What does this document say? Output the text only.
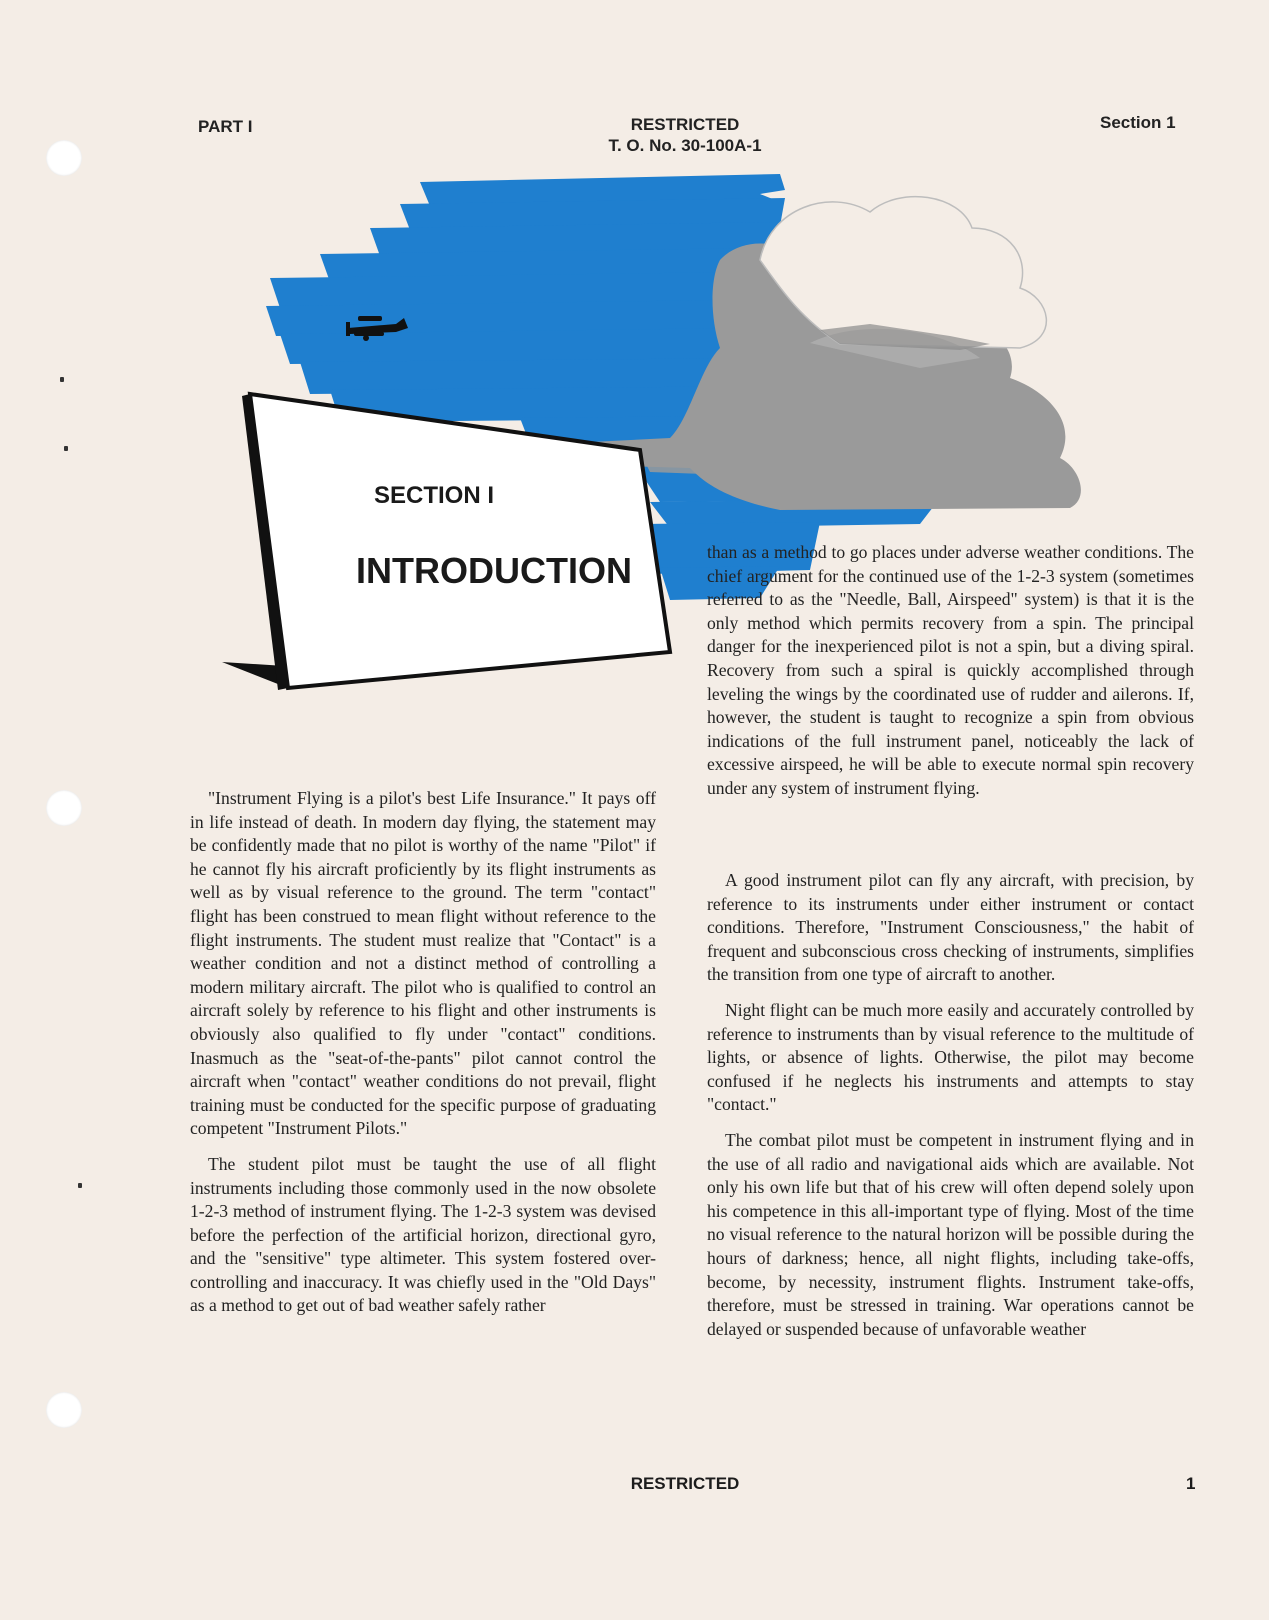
PART I	RESTRICTED
T. O. No. 30-100A-1
Section 1
SECTION I
INTRODUCTION	than as a method to go places under adverse weather conditions. The chief argument for the continued use of the 1-2-3 system (sometimes referred to as the "Needle, Ball, Airspeed" system) is that it is the only method which permits recovery from a spin. The principal danger for the inexperienced pilot is not a spin, but a diving spiral. Recovery from such a spiral is quickly accomplished through leveling the wings by the coordinated use of rudder and ailerons. If, however, the student is taught to recognize a spin from obvious indications of the full instrument panel, noticeably the lack of excessive airspeed, he will be able to execute normal spin recovery under any system of instrument flying.

"Instrument Flying is a pilot's best Life Insurance." It pays off in life instead of death. In modern day flying, the statement may be confidently made that no pilot is worthy of the name "Pilot" if he cannot fly his aircraft proficiently by its flight instruments as well as by visual reference to the ground. The term "contact" flight has been construed to mean flight without reference to the flight instruments. The student must realize that "Contact" is a weather condition and not a distinct method of controlling a modern military aircraft. The pilot who is qualified to control an aircraft solely by reference to his flight and other instruments is obviously also qualified to fly under "contact" conditions. Inasmuch as the "seat-of-the-pants" pilot cannot control the aircraft when "contact" weather conditions do not prevail, flight training must be conducted for the specific purpose of graduating competent "Instrument Pilots."

The student pilot must be taught the use of all flight instruments including those commonly used in the now obsolete 1-2-3 method of instrument flying. The 1-2-3 system was devised before the perfection of the artificial horizon, directional gyro, and the "sensitive" type altimeter. This system fostered over-controlling and inaccuracy. It was chiefly used in the "Old Days" as a method to get out of bad weather safely rather

A good instrument pilot can fly any aircraft, with precision, by reference to its instruments under either instrument or contact conditions. Therefore, "Instrument Consciousness," the habit of frequent and subconscious cross checking of instruments, simplifies the transition from one type of aircraft to another.

Night flight can be much more easily and accurately controlled by reference to instruments than by visual reference to the multitude of lights, or absence of lights. Otherwise, the pilot may become confused if he neglects his instruments and attempts to stay "contact."

The combat pilot must be competent in instrument flying and in the use of all radio and navigational aids which are available. Not only his own life but that of his crew will often depend solely upon his competence in this all-important type of flying. Most of the time no visual reference to the natural horizon will be possible during the hours of darkness; hence, all night flights, including take-offs, become, by necessity, instrument flights. Instrument take-offs, therefore, must be stressed in training. War operations cannot be delayed or suspended because of unfavorable weather

RESTRICTED	1
